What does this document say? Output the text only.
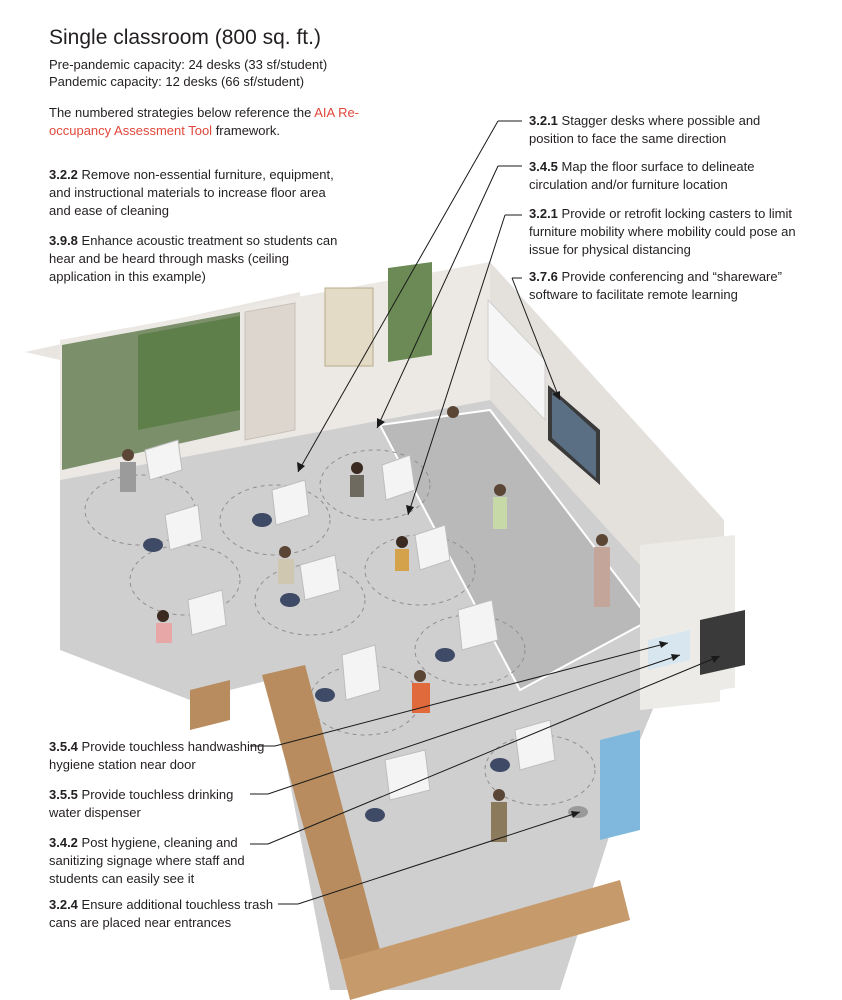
Single classroom (800 sq. ft.)
Pre-pandemic capacity: 24 desks (33 sf/student)
Pandemic capacity: 12 desks (66 sf/student)
The numbered strategies below reference the AIA Re-occupancy Assessment Tool framework.
3.2.2 Remove non-essential furniture, equipment, and instructional materials to increase floor area and ease of cleaning
3.9.8 Enhance acoustic treatment so students can hear and be heard through masks (ceiling application in this example)
3.2.1 Stagger desks where possible and position to face the same direction
3.4.5 Map the floor surface to delineate circulation and/or furniture location
3.2.1 Provide or retrofit locking casters to limit furniture mobility where mobility could pose an issue for physical distancing
3.7.6 Provide conferencing and “shareware” software to facilitate remote learning
3.5.4 Provide touchless handwashing hygiene station near door
3.5.5 Provide touchless drinking water dispenser
3.4.2 Post hygiene, cleaning and sanitizing signage where staff and students can easily see it
3.2.4 Ensure additional touchless trash cans are placed near entrances
